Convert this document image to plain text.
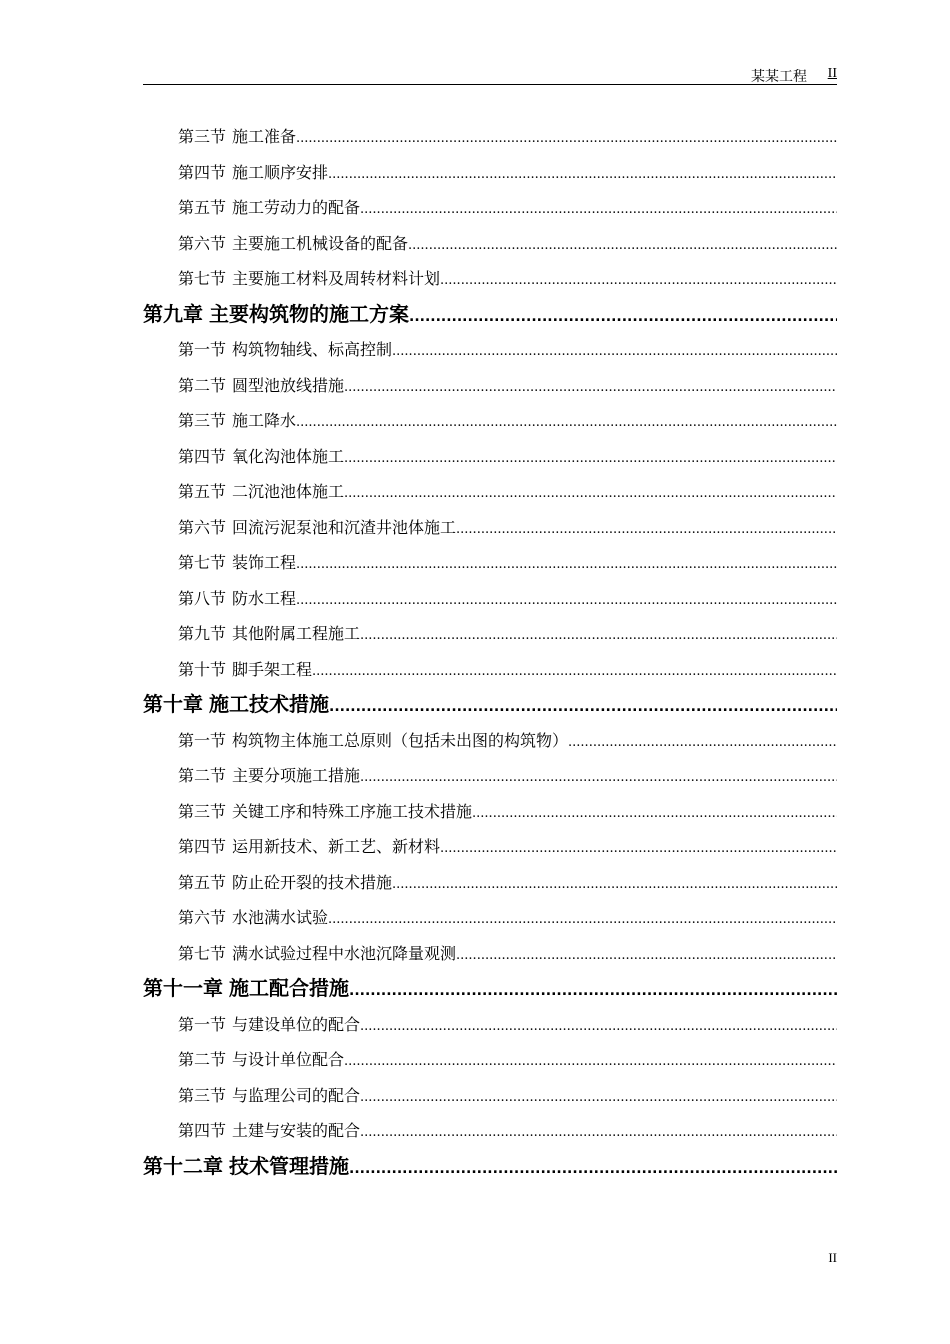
某某工程 II
第三节 施工准备
.....
第四节 施工顺序安排
.....
第五节 施工劳动力的配备
.....
第六节 主要施工机械设备的配备
.....
第七节 主要施工材料及周转材料计划
.....
第九章 主要构筑物的施工方案
.....
第一节 构筑物轴线、标高控制
.....
第二节 圆型池放线措施
.....
第三节 施工降水
.....
第四节 氧化沟池体施工
.....
第五节 二沉池池体施工
.....
第六节 回流污泥泵池和沉渣井池体施工
.....
第七节 装饰工程
.....
第八节 防水工程
.....
第九节 其他附属工程施工
.....
第十节 脚手架工程
.....
第十章 施工技术措施
.....
第一节 构筑物主体施工总原则（包括未出图的构筑物）
.....
第二节 主要分项施工措施
.....
第三节 关键工序和特殊工序施工技术措施
.....
第四节 运用新技术、新工艺、新材料
.....
第五节 防止砼开裂的技术措施
.....
第六节 水池满水试验
.....
第七节 满水试验过程中水池沉降量观测
.....
第十一章 施工配合措施
.....
第一节 与建设单位的配合
.....
第二节 与设计单位配合
.....
第三节 与监理公司的配合
.....
第四节 土建与安装的配合
.....
第十二章 技术管理措施
.....
II
